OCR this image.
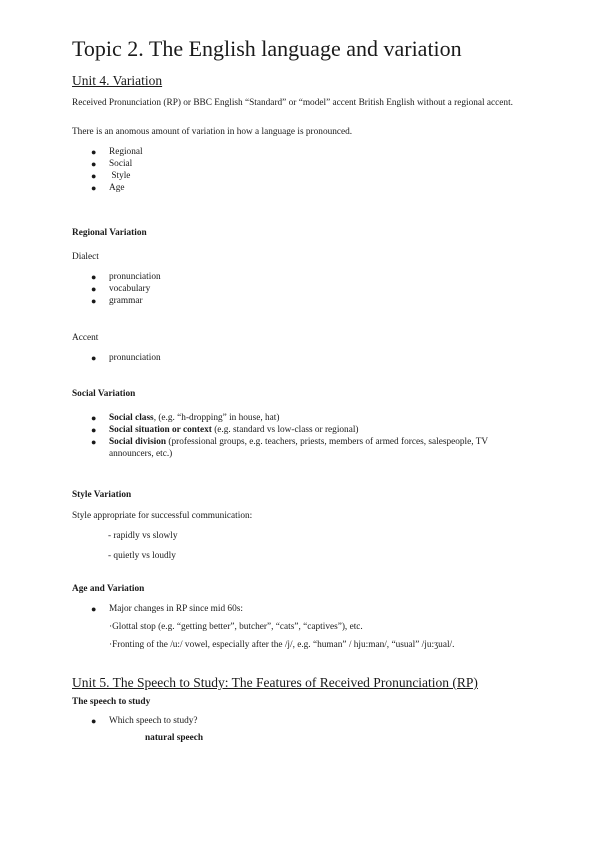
Topic 2. The English language and variation
Unit 4. Variation
Received Pronunciation (RP) or BBC English “Standard” or “model” accent British English without a regional accent.
There is an anomous amount of variation in how a language is pronounced.
● Regional
● Social
● Style
● Age
Regional Variation
Dialect
● pronunciation
● vocabulary
● grammar
Accent
● pronunciation
Social Variation
● Social class, (e.g. “h-dropping” in house, hat)
● Social situation or context (e.g. standard vs low-class or regional)
● Social division (professional groups, e.g. teachers, priests, members of armed forces, salespeople, TV announcers, etc.)
Style Variation
Style appropriate for successful communication:
- rapidly vs slowly
- quietly vs loudly
Age and Variation
● Major changes in RP since mid 60s:
·Glottal stop (e.g. “getting better”, butcher”, “cats”, “captives”), etc.
·Fronting of the /u:/ vowel, especially after the /j/, e.g. “human” / hju:man/, “usual” /ju:ʒual/.
Unit 5. The Speech to Study: The Features of Received Pronunciation (RP)
The speech to study
● Which speech to study?
natural speech
